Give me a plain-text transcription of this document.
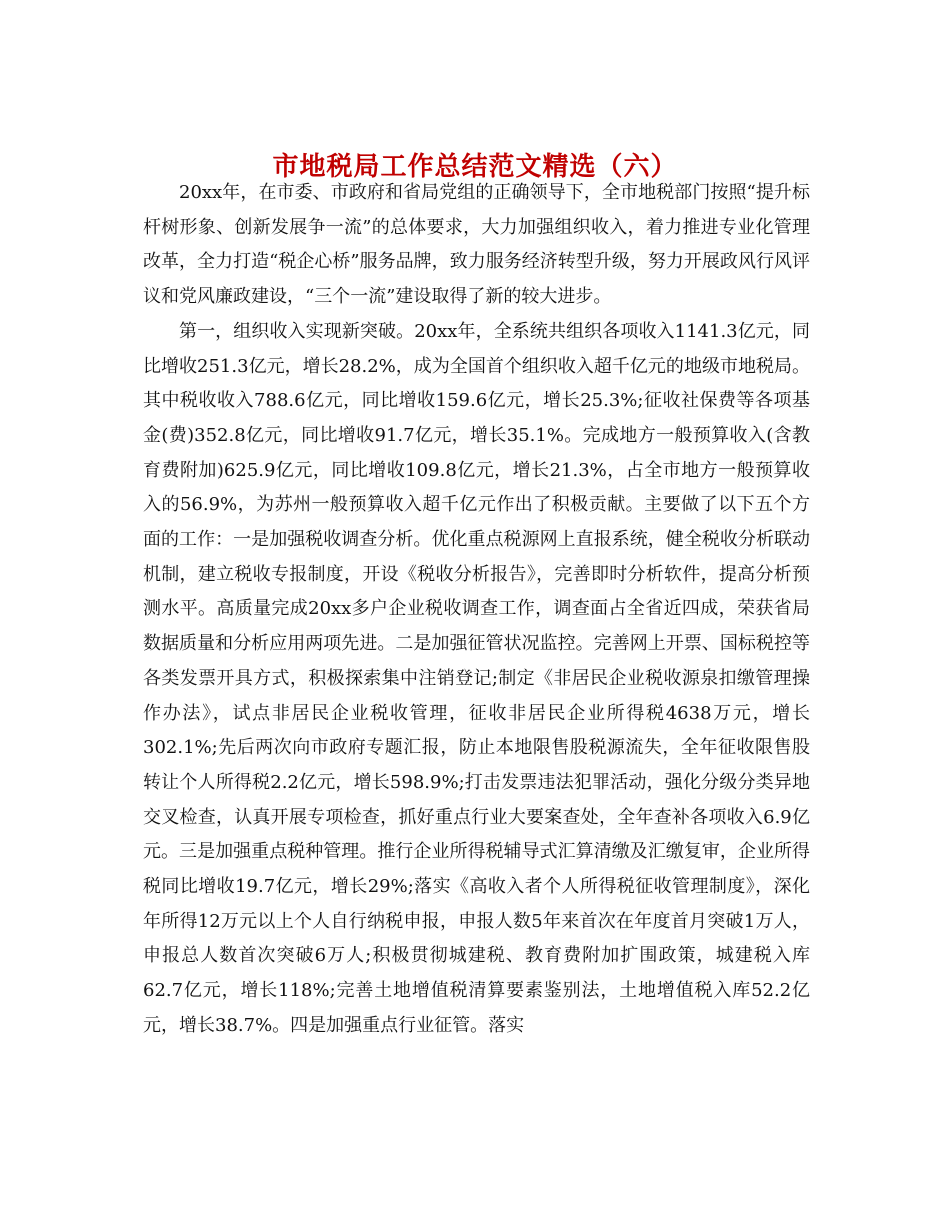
市地税局工作总结范文精选（六）

20xx年，在市委、市政府和省局党组的正确领导下，全市地税部门按照“提升标杆树形象、创新发展争一流”的总体要求，大力加强组织收入，着力推进专业化管理改革，全力打造“税企心桥”服务品牌，致力服务经济转型升级，努力开展政风行风评议和党风廉政建设，“三个一流”建设取得了新的较大进步。

第一，组织收入实现新突破。20xx年，全系统共组织各项收入1141.3亿元，同比增收251.3亿元，增长28.2%，成为全国首个组织收入超千亿元的地级市地税局。其中税收收入788.6亿元，同比增收159.6亿元，增长25.3%;征收社保费等各项基金(费)352.8亿元，同比增收91.7亿元，增长35.1%。完成地方一般预算收入(含教育费附加)625.9亿元，同比增收109.8亿元，增长21.3%，占全市地方一般预算收入的56.9%，为苏州一般预算收入超千亿元作出了积极贡献。主要做了以下五个方面的工作：一是加强税收调查分析。优化重点税源网上直报系统，健全税收分析联动机制，建立税收专报制度，开设《税收分析报告》，完善即时分析软件，提高分析预测水平。高质量完成20xx多户企业税收调查工作，调查面占全省近四成，荣获省局数据质量和分析应用两项先进。二是加强征管状况监控。完善网上开票、国标税控等各类发票开具方式，积极探索集中注销登记;制定《非居民企业税收源泉扣缴管理操作办法》，试点非居民企业税收管理，征收非居民企业所得税4638万元，增长302.1%;先后两次向市政府专题汇报，防止本地限售股税源流失，全年征收限售股转让个人所得税2.2亿元，增长598.9%;打击发票违法犯罪活动，强化分级分类异地交叉检查，认真开展专项检查，抓好重点行业大要案查处，全年查补各项收入6.9亿元。三是加强重点税种管理。推行企业所得税辅导式汇算清缴及汇缴复审，企业所得税同比增收19.7亿元，增长29%;落实《高收入者个人所得税征收管理制度》，深化年所得12万元以上个人自行纳税申报，申报人数5年来首次在年度首月突破1万人，申报总人数首次突破6万人;积极贯彻城建税、教育费附加扩围政策，城建税入库62.7亿元，增长118%;完善土地增值税清算要素鉴别法，土地增值税入库52.2亿元，增长38.7%。四是加强重点行业征管。落实
